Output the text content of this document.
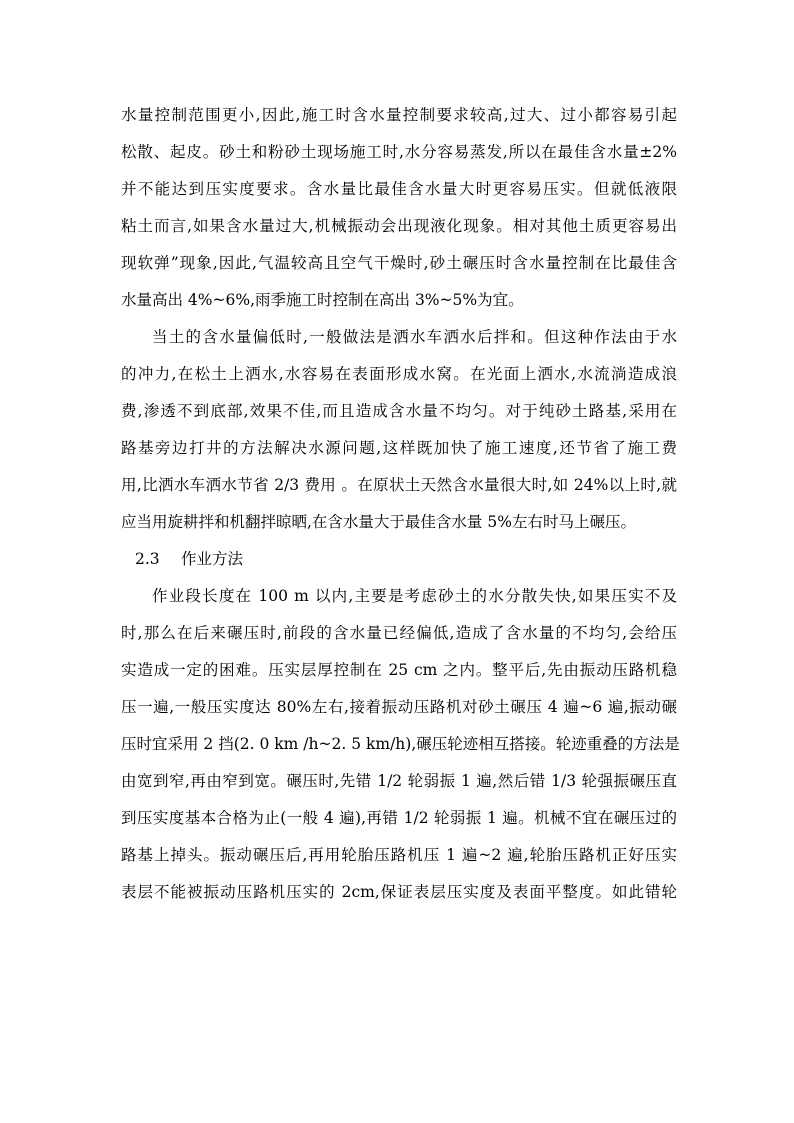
水量控制范围更小,因此,施工时含水量控制要求较高,过大、过小都容易引起
松散、起皮。砂土和粉砂土现场施工时,水分容易蒸发,所以在最佳含水量±2%
并不能达到压实度要求。含水量比最佳含水量大时更容易压实。但就低液限
粘土而言,如果含水量过大,机械振动会出现液化现象。相对其他土质更容易出
现软弹”现象,因此,气温较高且空气干燥时,砂土碾压时含水量控制在比最佳含
水量高出 4%~6%,雨季施工时控制在高出 3%~5%为宜。
当土的含水量偏低时,一般做法是洒水车洒水后拌和。但这种作法由于水
的冲力,在松土上洒水,水容易在表面形成水窝。在光面上洒水,水流淌造成浪
费,渗透不到底部,效果不佳,而且造成含水量不均匀。对于纯砂土路基,采用在
路基旁边打井的方法解决水源问题,这样既加快了施工速度,还节省了施工费
用,比洒水车洒水节省 2/3 费用 。在原状土天然含水量很大时,如 24%以上时,就
应当用旋耕拌和机翻拌晾晒,在含水量大于最佳含水量 5%左右时马上碾压。
2.3 作业方法
作业段长度在 100 m 以内,主要是考虑砂土的水分散失快,如果压实不及
时,那么在后来碾压时,前段的含水量已经偏低,造成了含水量的不均匀,会给压
实造成一定的困难。压实层厚控制在 25 cm 之内。整平后,先由振动压路机稳
压一遍,一般压实度达 80%左右,接着振动压路机对砂土碾压 4 遍~6 遍,振动碾
压时宜采用 2 挡(2. 0 km /h~2. 5 km/h),碾压轮迹相互搭接。轮迹重叠的方法是
由宽到窄,再由窄到宽。碾压时,先错 1/2 轮弱振 1 遍,然后错 1/3 轮强振碾压直
到压实度基本合格为止(一般 4 遍),再错 1/2 轮弱振 1 遍。机械不宜在碾压过的
路基上掉头。振动碾压后,再用轮胎压路机压 1 遍~2 遍,轮胎压路机正好压实
表层不能被振动压路机压实的 2cm,保证表层压实度及表面平整度。如此错轮
